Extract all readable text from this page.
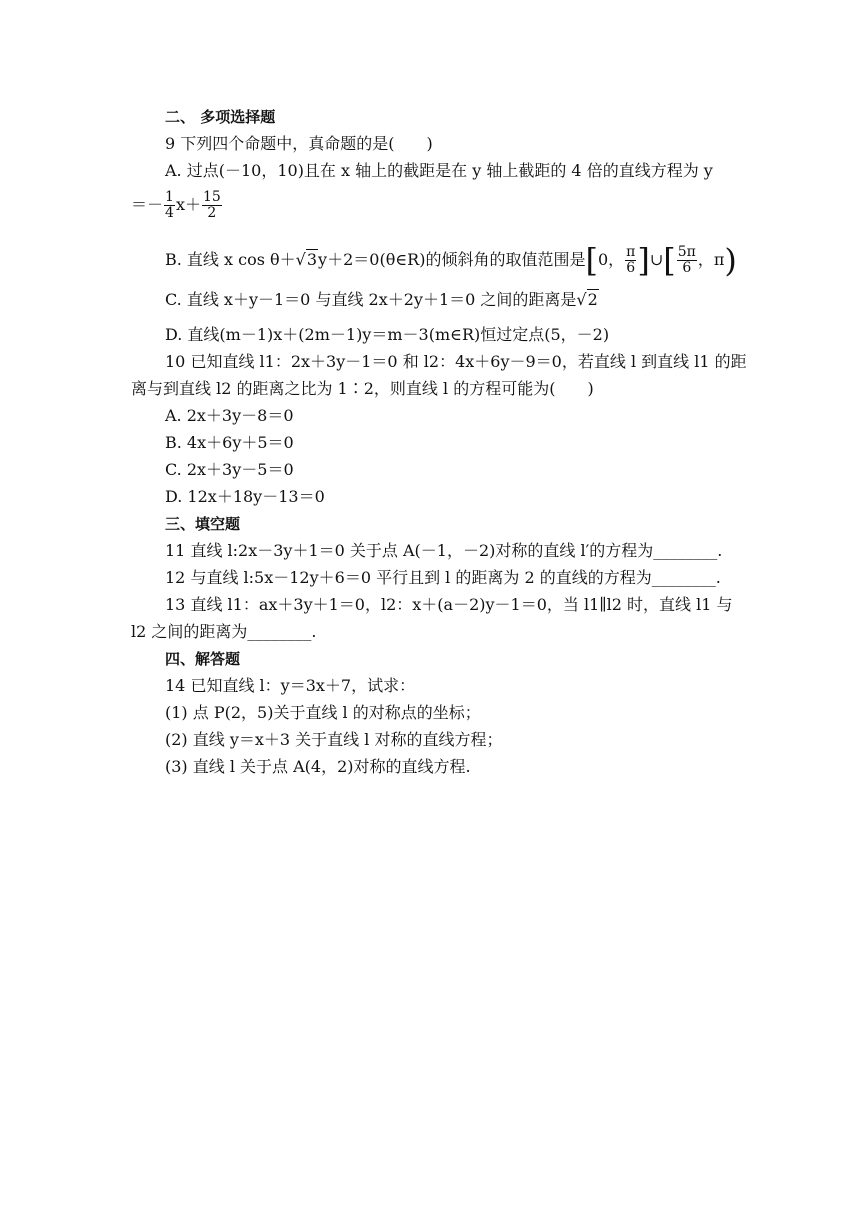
二、 多项选择题
9 下列四个命题中，真命题的是(　　)
A. 过点(－10，10)且在 x 轴上的截距是在 y 轴上截距的 4 倍的直线方程为 y
＝－ $\frac{1}{4} x+ \frac{15}{2}$
B. 直线 x cos θ＋√3y＋2＝0(θ∈R)的倾斜角的取值范围是[0， $\frac{\pi}{6}$ ]∪[ $\frac{5\pi}{6}$ ，π)
C. 直线 x＋y－1＝0 与直线 2x＋2y＋1＝0 之间的距离是√2
D. 直线(m－1)x＋(2m－1)y＝m－3(m∈R)恒过定点(5，－2)
10 已知直线 l1：2x＋3y－1＝0 和 l2：4x＋6y－9＝0，若直线 l 到直线 l1 的距
离与到直线 l2 的距离之比为 1∶2，则直线 l 的方程可能为(　　)
A. 2x＋3y－8＝0
B. 4x＋6y＋5＝0
C. 2x＋3y－5＝0
D. 12x＋18y－13＝0
三、填空题
11 直线 l:2x－3y＋1＝0 关于点 A(－1，－2)对称的直线 l′的方程为________.
12 与直线 l:5x－12y＋6＝0 平行且到 l 的距离为 2 的直线的方程为________.
13 直线 l1：ax＋3y＋1＝0，l2：x＋(a－2)y－1＝0，当 l1∥l2 时，直线 l1 与
l2 之间的距离为________.
四、解答题
14 已知直线 l：y＝3x＋7，试求：
(1) 点 P(2，5)关于直线 l 的对称点的坐标；
(2) 直线 y＝x＋3 关于直线 l 对称的直线方程；
(3) 直线 l 关于点 A(4，2)对称的直线方程.
